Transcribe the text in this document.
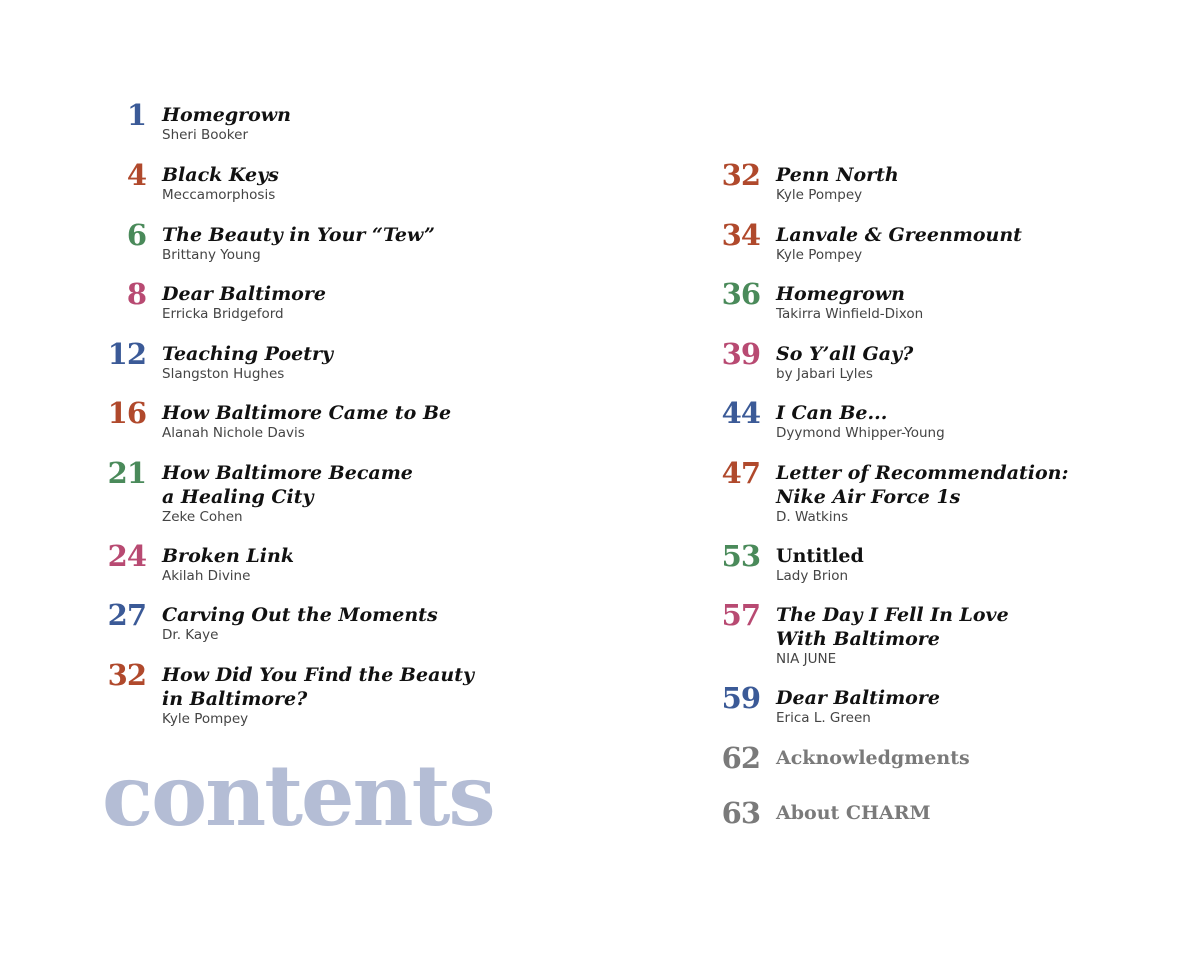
1 Homegrown
Sheri Booker
4 Black Keys
Meccamorphosis
6 The Beauty in Your “Tew”
Brittany Young
8 Dear Baltimore
Erricka Bridgeford
12 Teaching Poetry
Slangston Hughes
16 How Baltimore Came to Be
Alanah Nichole Davis
21 How Baltimore Became
a Healing City
Zeke Cohen
24 Broken Link
Akilah Divine
27 Carving Out the Moments
Dr. Kaye
32 How Did You Find the Beauty
in Baltimore?
Kyle Pompey
32 Penn North
Kyle Pompey
34 Lanvale & Greenmount
Kyle Pompey
36 Homegrown
Takirra Winfield-Dixon
39 So Y’all Gay?
by Jabari Lyles
44 I Can Be...
Dyymond Whipper-Young
47 Letter of Recommendation:
Nike Air Force 1s
D. Watkins
53 Untitled
Lady Brion
57 The Day I Fell In Love
With Baltimore
NIA JUNE
59 Dear Baltimore
Erica L. Green
62 Acknowledgments
63 About CHARM
contents
